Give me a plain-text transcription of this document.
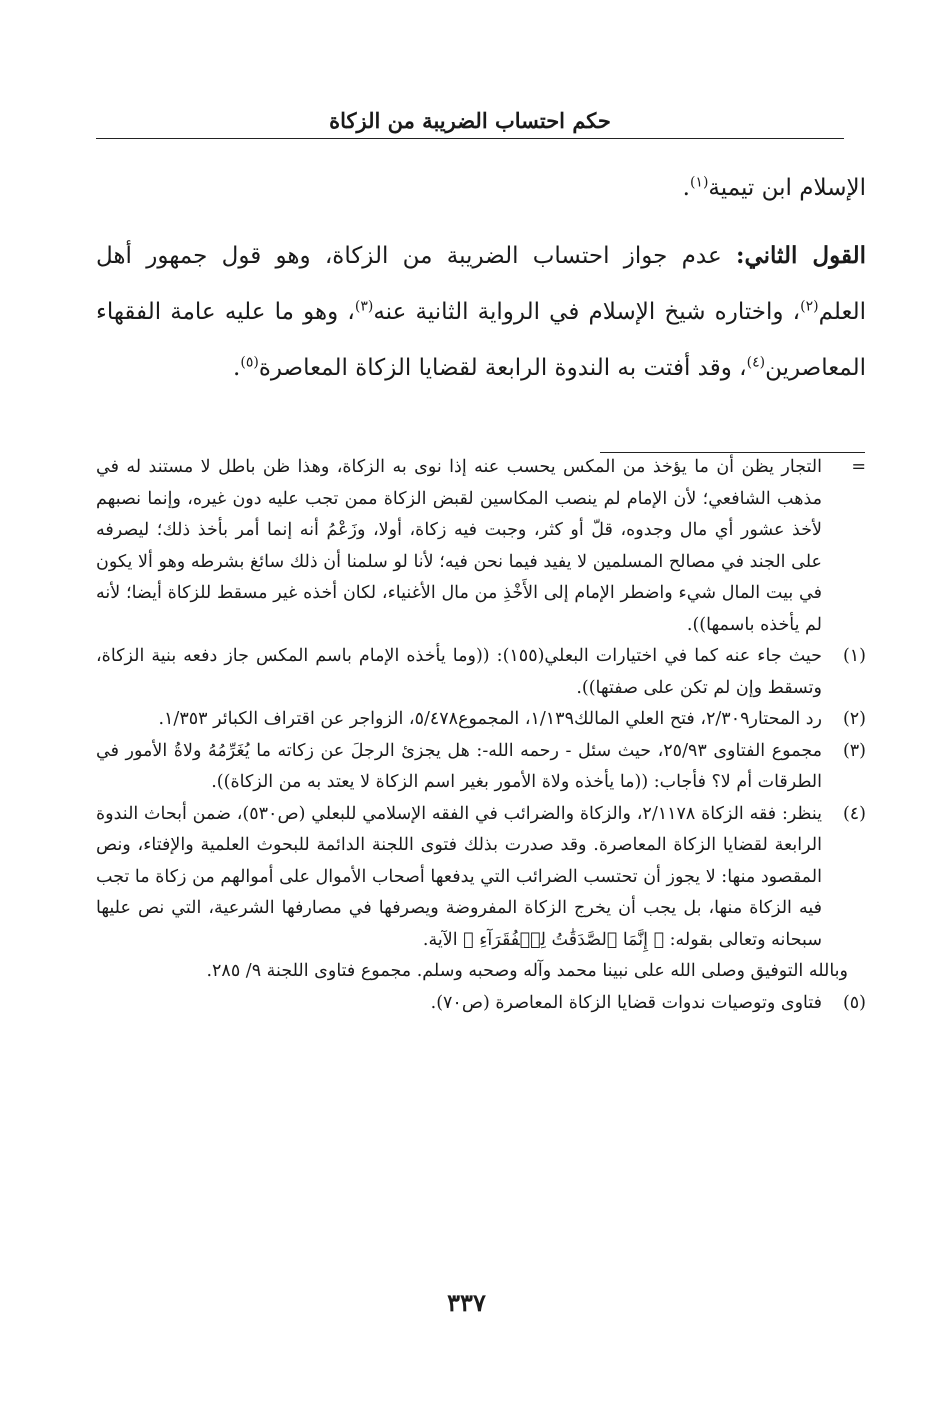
حكم احتساب الضريبة من الزكاة

الإسلام ابن تيمية$^{(١)}$.

القول الثاني: عدم جواز احتساب الضريبة من الزكاة، وهو قول جمهور أهل العلم$^{(٢)}$، واختاره شيخ الإسلام في الرواية الثانية عنه$^{(٣)}$، وهو ما عليه عامة الفقهاء المعاصرين$^{(٤)}$، وقد أفتت به الندوة الرابعة لقضايا الزكاة المعاصرة$^{(٥)}$.

=
التجار يظن أن ما يؤخذ من المكس يحسب عنه إذا نوى به الزكاة، وهذا ظن باطل لا مستند له في مذهب الشافعي؛ لأن الإمام لم ينصب المكاسين لقبض الزكاة ممن تجب عليه دون غيره، وإنما نصبهم لأخذ عشور أي مال وجدوه، قلّ أو كثر، وجبت فيه زكاة، أولا، وزَعْمُ أنه إنما أمر بأخذ ذلك؛ ليصرفه على الجند في مصالح المسلمين لا يفيد فيما نحن فيه؛ لأنا لو سلمنا أن ذلك سائغ بشرطه وهو ألا يكون في بيت المال شيء واضطر الإمام إلى الأَخْذِ من مال الأغنياء، لكان أخذه غير مسقط للزكاة أيضا؛ لأنه لم يأخذه باسمها)).
(١)
حيث جاء عنه كما في اختيارات البعلي(١٥٥): ((وما يأخذه الإمام باسم المكس جاز دفعه بنية الزكاة، وتسقط وإن لم تكن على صفتها)).
(٢)
رد المحتار٢/٣٠٩، فتح العلي المالك١/١٣٩، المجموع٥/٤٧٨، الزواجر عن اقتراف الكبائر ١/٣٥٣.
(٣)
مجموع الفتاوى ٢٥/٩٣، حيث سئل - رحمه الله-: هل يجزئ الرجلَ عن زكاته ما يُغَرِّمُهُ ولاةُ الأمور في الطرقات أم لا؟ فأجاب: ((ما يأخذه ولاة الأمور بغير اسم الزكاة لا يعتد به من الزكاة)).
(٤)
ينظر: فقه الزكاة ٢/١١٧٨، والزكاة والضرائب في الفقه الإسلامي للبعلي (ص٥٣٠)، ضمن أبحاث الندوة الرابعة لقضايا الزكاة المعاصرة. وقد صدرت بذلك فتوى اللجنة الدائمة للبحوث العلمية والإفتاء، ونص المقصود منها: لا يجوز أن تحتسب الضرائب التي يدفعها أصحاب الأموال على أموالهم من زكاة ما تجب فيه الزكاة منها، بل يجب أن يخرج الزكاة المفروضة ويصرفها في مصارفها الشرعية، التي نص عليها سبحانه وتعالى بقوله: ﴿ إِنَّمَا ٱلصَّدَقَٰتُ لِلۡفُقَرَآءِ ﴾ الآية.
وبالله التوفيق وصلى الله على نبينا محمد وآله وصحبه وسلم. مجموع فتاوى اللجنة ٩/ ٢٨٥.
(٥)
فتاوى وتوصيات ندوات قضايا الزكاة المعاصرة (ص٧٠).
٣٣٧
